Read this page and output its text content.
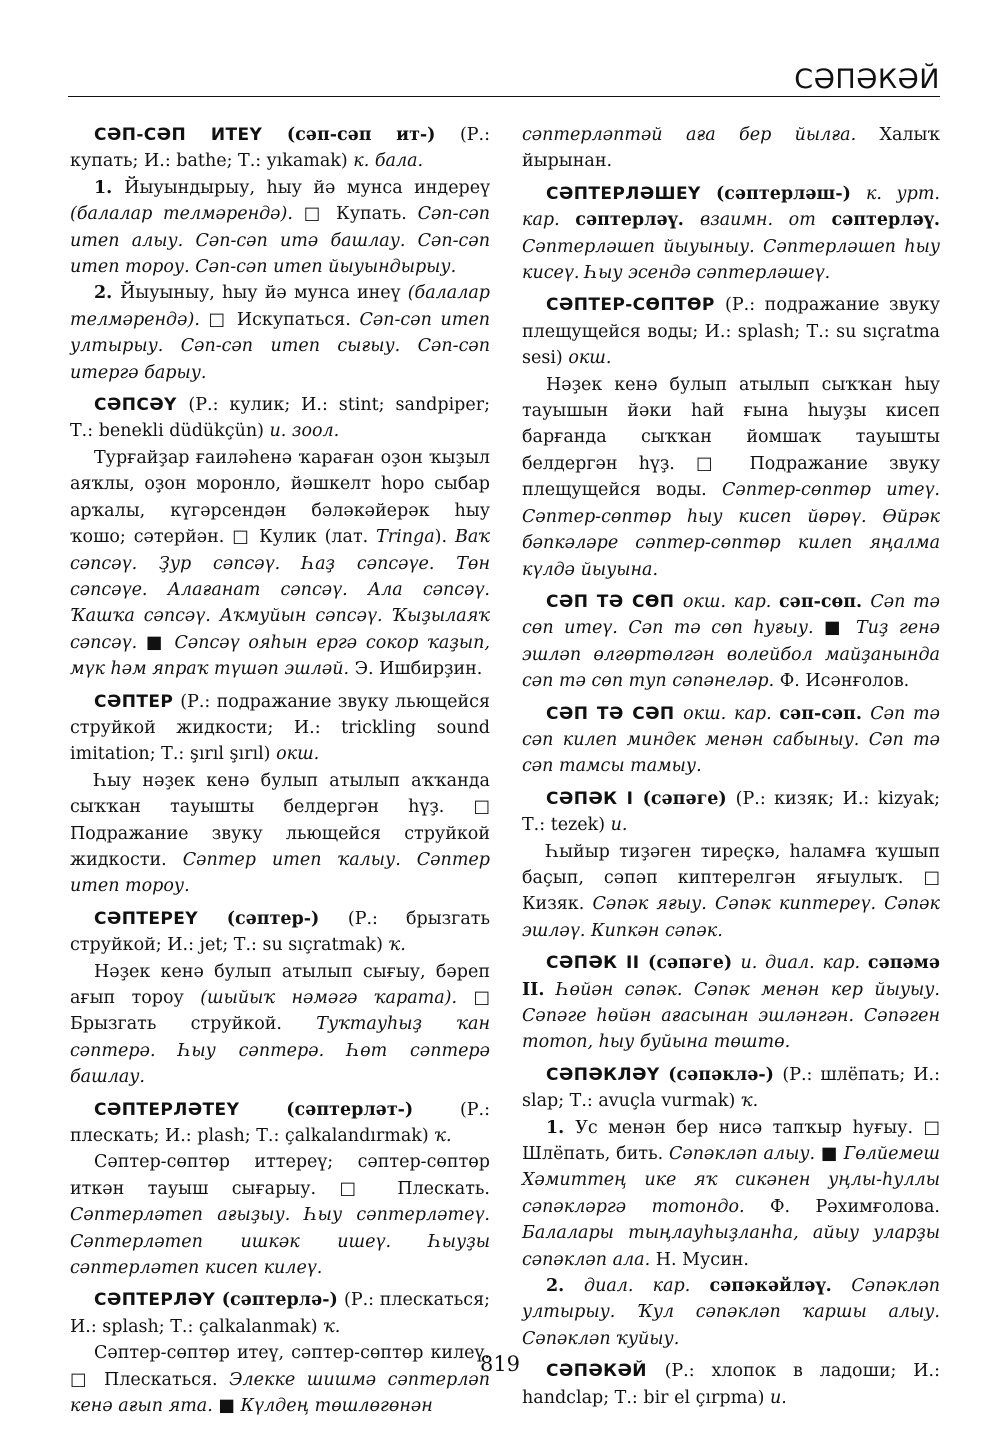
СӘПӘКӘЙ

СӘП-СӘП ИТЕҮ (сәп-сәп ит-) (Р.: купать; И.: bathe; Т.: yıkamak) к. бала.

1. Йыуындырыу, һыу йә мунса индереү (балалар телмәрендә). □ Купать. Сәп-сәп итеп алыу. Сәп-сәп итә башлау. Сәп-сәп итеп тороу. Сәп-сәп итеп йыуындырыу.

2. Йыуыныу, һыу йә мунса инеү (балалар телмәрендә). □ Искупаться. Сәп-сәп итеп ултырыу. Сәп-сәп итеп сығыу. Сәп-сәп итергә барыу.

СӘПСӘҮ (Р.: кулик; И.: stint; sandpiper; Т.: benekli düdükçün) и. зоол.

Турғайҙар ғаиләһенә ҡараған оҙон ҡыҙыл аяҡлы, оҙон моронло, йәшкелт һоро сыбар арҡалы, күгәрсендән бәләкәйерәк һыу ҡошо; сәтерйән. □ Кулик (лат. Tringa). Ваҡ сәпсәү. Ҙур сәпсәү. Һаҙ сәпсәүе. Төн сәпсәүе. Алағанат сәпсәү. Ала сәпсәү. Ҡашҡа сәпсәү. Аҡмуйын сәпсәү. Ҡыҙылаяҡ сәпсәү. ■ Сәпсәү ояһын ергә сокор ҡаҙып, мүк һәм япраҡ түшәп эшләй. Э. Ишбирҙин.

СӘПТЕР (Р.: подражание звуку льющейся струйкой жидкости; И.: trickling sound imitation; Т.: şırıl şırıl) окш.

Һыу нәҙек кенә булып атылып аҡҡанда сыҡҡан тауышты белдергән һүҙ. □ Подражание звуку льющейся струйкой жидкости. Сәптер итеп ҡалыу. Сәптер итеп тороу.

СӘПТЕРЕҮ (сәптер-) (Р.: брызгать струйкой; И.: jet; Т.: su sıçratmak) ҡ.

Нәҙек кенә булып атылып сығыу, бәреп ағып тороу (шыйыҡ нәмәгә ҡарата). □ Брызгать струйкой. Туҡтауһыҙ ҡан сәптерә. Һыу сәптерә. Һөт сәптерә башлау.

СӘПТЕРЛӘТЕҮ (сәптерләт-) (Р.: плескать; И.: plash; Т.: çalkalandırmak) ҡ.

Сәптер-сөптөр иттереү; сәптер-сөптөр иткән тауыш сығарыу. □ Плескать. Сәптерләтеп ағыҙыу. Һыу сәптерләтеү. Сәптерләтеп ишкәк ишеү. Һыуҙы сәптерләтеп кисеп килеү.

СӘПТЕРЛӘҮ (сәптерлә-) (Р.: плескаться; И.: splash; Т.: çalkalanmak) ҡ.

Сәптер-сөптөр итеү, сәптер-сөптөр килеү. □ Плескаться. Элекке шишмә сәптерләп кенә ағып ята. ■ Күлдең төшлөгөнән

сәптерләптәй аға бер йылға. Халыҡ йырынан.

СӘПТЕРЛӘШЕҮ (сәптерләш-) к. урт. кар. сәптерләү. взаимн. от сәптерләү. Сәптерләшеп йыуыныу. Сәптерләшеп һыу кисеү. Һыу эсендә сәптерләшеү.

СӘПТЕР-СӨПТӨР (Р.: подражание звуку плещущейся воды; И.: splash; Т.: su sıçratma sesi) окш.

Нәҙек кенә булып атылып сыҡҡан һыу тауышын йәки һай ғына һыуҙы кисеп барғанда сыҡҡан йомшаҡ тауышты белдергән һүҙ. □ Подражание звуку плещущейся воды. Сәптер-сөптөр итеү. Сәптер-сөптөр һыу кисеп йөрөү. Өйрәк бәпкәләре сәптер-сөптөр килеп яңалма күлдә йыуына.

СӘП ТӘ СӨП окш. кар. сәп-сөп. Сәп тә сөп итеү. Сәп тә сөп һуғыу. ■ Тиҙ генә эшләп өлгөртөлгән волейбол майҙанында сәп тә сөп туп сәпәнеләр. Ф. Исәнғолов.

СӘП ТӘ СӘП окш. кар. сәп-сәп. Сәп тә сәп килеп миндек менән сабыныу. Сәп тә сәп тамсы тамыу.

СӘПӘК I (сәпәге) (Р.: кизяк; И.: kizyak; Т.: tezek) и.

Һыйыр тиҙәген тиреҫкә, һаламға ҡушып баҫып, сәпәп киптерелгән яғыулыҡ. □ Кизяк. Сәпәк яғыу. Сәпәк киптереү. Сәпәк эшләү. Кипкән сәпәк.

СӘПӘК II (сәпәге) и. диал. кар. сәпәмә II. Һөйән сәпәк. Сәпәк менән кер йыуыу. Сәпәге һөйән ағасынан эшләнгән. Сәпәген тотоп, һыу буйына төштө.

СӘПӘКЛӘҮ (сәпәклә-) (Р.: шлёпать; И.: slap; Т.: avuçla vurmak) ҡ.

1. Ус менән бер нисә тапҡыр һуғыу. □ Шлёпать, бить. Сәпәкләп алыу. ■ Гөлйемеш Хәмиттең ике яҡ сикәнен уңлы-һуллы сәпәкләргә тотондо. Ф. Рәхимғолова. Балалары тыңлауһыҙланһа, айыу уларҙы сәпәкләп ала. Н. Мусин.

2. диал. кар. сәпәкәйләү. Сәпәкләп ултырыу. Ҡул сәпәкләп ҡаршы алыу. Сәпәкләп ҡуйыу.

СӘПӘКӘЙ (Р.: хлопок в ладоши; И.: handclap; Т.: bir el çırpma) и.

819
